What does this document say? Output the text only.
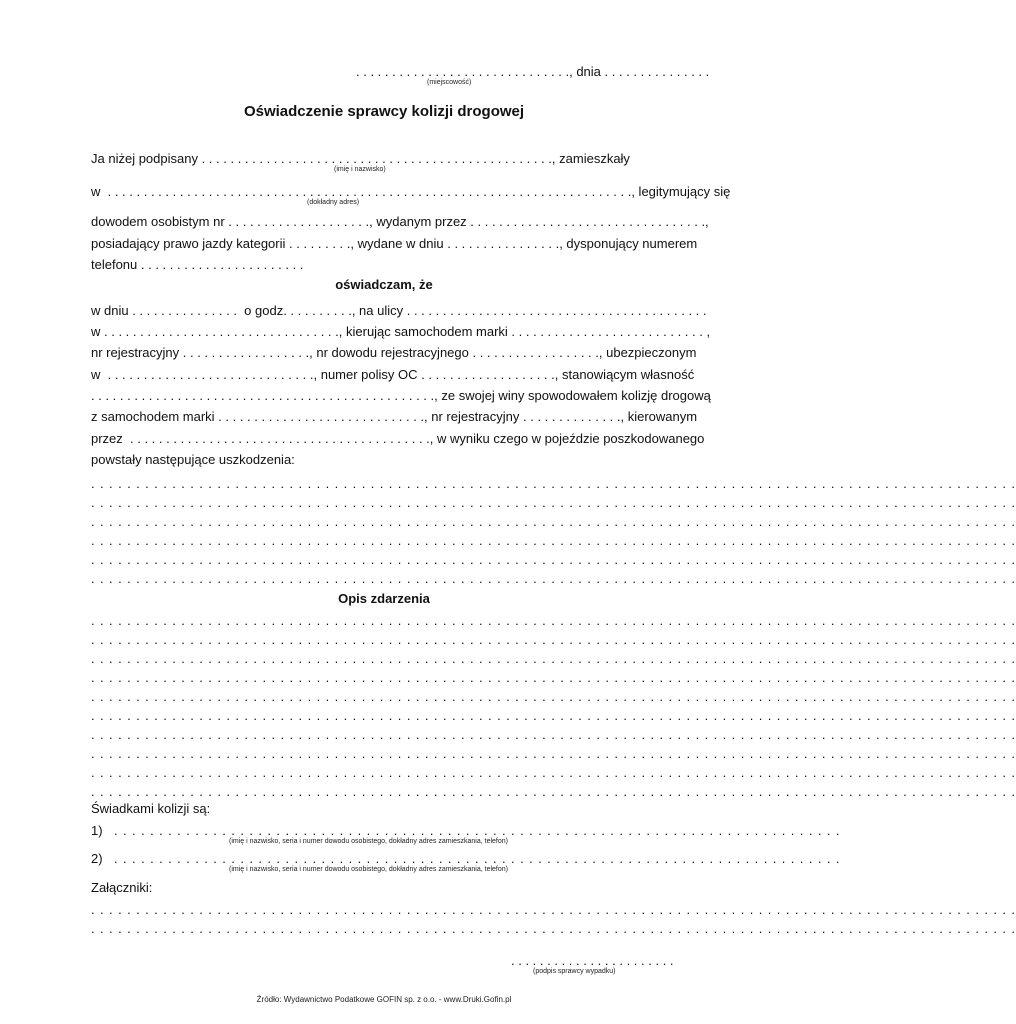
. . . . . . . . . . . . . . . . . . . . . . . . . . . . . ., dnia . . . . . . . . . . . . . . .
(miejscowość)
Oświadczenie sprawcy kolizji drogowej
Ja niżej podpisany . . . . . . . . . . . . . . . . . . . . . . . . . . . . . . . . . . . . . . . . . . . . . . . . ., zamieszkały
(imię i nazwisko)
w  . . . . . . . . . . . . . . . . . . . . . . . . . . . . . . . . . . . . . . . . . . . . . . . . . . . . . . . . . . . . . . . . . . . . . . . . . , legitymujący się
(dokładny adres)
dowodem osobistym nr . . . . . . . . . . . . . . . . . . . ., wydanym przez . . . . . . . . . . . . . . . . . . . . . . . . . . . . . . . . .,
posiadający prawo jazdy kategorii . . . . . . . . ., wydane w dniu . . . . . . . . . . . . . . . ., dysponujący numerem
telefonu . . . . . . . . . . . . . . . . . . . . . . .
oświadczam, że
w dniu . . . . . . . . . . . . . . .  o godz. . . . . . . . . ., na ulicy . . . . . . . . . . . . . . . . . . . . . . . . . . . . . . . . . . . . . . . . . .
w . . . . . . . . . . . . . . . . . . . . . . . . . . . . . . . . ., kierując samochodem marki . . . . . . . . . . . . . . . . . . . . . . . . . . . ,
nr rejestracyjny . . . . . . . . . . . . . . . . . ., nr dowodu rejestracyjnego . . . . . . . . . . . . . . . . . ., ubezpieczonym
w  . . . . . . . . . . . . . . . . . . . . . . . . . . . . ., numer polisy OC . . . . . . . . . . . . . . . . . . ., stanowiącym własność
. . . . . . . . . . . . . . . . . . . . . . . . . . . . . . . . . . . . . . . . . . . . . . . ., ze swojej winy spowodowałem kolizję drogową
z samochodem marki . . . . . . . . . . . . . . . . . . . . . . . . . . . . ., nr rejestracyjny . . . . . . . . . . . . . ., kierowanym
przez  . . . . . . . . . . . . . . . . . . . . . . . . . . . . . . . . . . . . . . . . . ., w wyniku czego w pojeździe poszkodowanego
powstały następujące uszkodzenia:
. . . . . . . . . . . . . . . . . . . . . . . . . . . . . . . . . . . . . . . . . . . . . . . . . . . . . . . . . . . . . . . . . . . . . . . . . . . . . . . . . . . . . . . . . . . . . . . . . . . . . . .
. . . . . . . . . . . . . . . . . . . . . . . . . . . . . . . . . . . . . . . . . . . . . . . . . . . . . . . . . . . . . . . . . . . . . . . . . . . . . . . . . . . . . . . . . . . . . . . . . . . . . . .
. . . . . . . . . . . . . . . . . . . . . . . . . . . . . . . . . . . . . . . . . . . . . . . . . . . . . . . . . . . . . . . . . . . . . . . . . . . . . . . . . . . . . . . . . . . . . . . . . . . . . . .
. . . . . . . . . . . . . . . . . . . . . . . . . . . . . . . . . . . . . . . . . . . . . . . . . . . . . . . . . . . . . . . . . . . . . . . . . . . . . . . . . . . . . . . . . . . . . . . . . . . . . . .
. . . . . . . . . . . . . . . . . . . . . . . . . . . . . . . . . . . . . . . . . . . . . . . . . . . . . . . . . . . . . . . . . . . . . . . . . . . . . . . . . . . . . . . . . . . . . . . . . . . . . . .
. . . . . . . . . . . . . . . . . . . . . . . . . . . . . . . . . . . . . . . . . . . . . . . . . . . . . . . . . . . . . . . . . . . . . . . . . . . . . . . . . . . . . . . . . . . . . . . . . . . . . . .
Opis zdarzenia
. . . . . . . . . . . . . . . . . . . . . . . . . . . . . . . . . . . . . . . . . . . . . . . . . . . . . . . . . . . . . . . . . . . . . . . . . . . . . . . . . . . . . . . . . . . . . . . . . . . . . . .
. . . . . . . . . . . . . . . . . . . . . . . . . . . . . . . . . . . . . . . . . . . . . . . . . . . . . . . . . . . . . . . . . . . . . . . . . . . . . . . . . . . . . . . . . . . . . . . . . . . . . . .
. . . . . . . . . . . . . . . . . . . . . . . . . . . . . . . . . . . . . . . . . . . . . . . . . . . . . . . . . . . . . . . . . . . . . . . . . . . . . . . . . . . . . . . . . . . . . . . . . . . . . . .
. . . . . . . . . . . . . . . . . . . . . . . . . . . . . . . . . . . . . . . . . . . . . . . . . . . . . . . . . . . . . . . . . . . . . . . . . . . . . . . . . . . . . . . . . . . . . . . . . . . . . . .
. . . . . . . . . . . . . . . . . . . . . . . . . . . . . . . . . . . . . . . . . . . . . . . . . . . . . . . . . . . . . . . . . . . . . . . . . . . . . . . . . . . . . . . . . . . . . . . . . . . . . . .
. . . . . . . . . . . . . . . . . . . . . . . . . . . . . . . . . . . . . . . . . . . . . . . . . . . . . . . . . . . . . . . . . . . . . . . . . . . . . . . . . . . . . . . . . . . . . . . . . . . . . . .
. . . . . . . . . . . . . . . . . . . . . . . . . . . . . . . . . . . . . . . . . . . . . . . . . . . . . . . . . . . . . . . . . . . . . . . . . . . . . . . . . . . . . . . . . . . . . . . . . . . . . . .
. . . . . . . . . . . . . . . . . . . . . . . . . . . . . . . . . . . . . . . . . . . . . . . . . . . . . . . . . . . . . . . . . . . . . . . . . . . . . . . . . . . . . . . . . . . . . . . . . . . . . . .
. . . . . . . . . . . . . . . . . . . . . . . . . . . . . . . . . . . . . . . . . . . . . . . . . . . . . . . . . . . . . . . . . . . . . . . . . . . . . . . . . . . . . . . . . . . . . . . . . . . . . . .
. . . . . . . . . . . . . . . . . . . . . . . . . . . . . . . . . . . . . . . . . . . . . . . . . . . . . . . . . . . . . . . . . . . . . . . . . . . . . . . . . . . . . . . . . . . . . . . . . . . . . . .
Świadkami kolizji są:
1) . . . . . . . . . . . . . . . . . . . . . . . . . . . . . . . . . . . . . . . . . . . . . . . . . . . . . . . . . . . . . . . . . . . . . . . . . . . . . . . . .
(imię i nazwisko, seria i numer dowodu osobistego, dokładny adres zamieszkania, telefon)
2) . . . . . . . . . . . . . . . . . . . . . . . . . . . . . . . . . . . . . . . . . . . . . . . . . . . . . . . . . . . . . . . . . . . . . . . . . . . . . . . . .
(imię i nazwisko, seria i numer dowodu osobistego, dokładny adres zamieszkania, telefon)
Załączniki:
. . . . . . . . . . . . . . . . . . . . . . . . . . . . . . . . . . . . . . . . . . . . . . . . . . . . . . . . . . . . . . . . . . . . . . . . . . . . . . . . . . . . . . . . . . . . . . . . . . . . . . .
. . . . . . . . . . . . . . . . . . . . . . . . . . . . . . . . . . . . . . . . . . . . . . . . . . . . . . . . . . . . . . . . . . . . . . . . . . . . . . . . . . . . . . . . . . . . . . . . . . . . . . .
. . . . . . . . . . . . . . . . . . . . . . .
(podpis sprawcy wypadku)
Źródło: Wydawnictwo Podatkowe GOFIN sp. z o.o. - www.Druki.Gofin.pl
